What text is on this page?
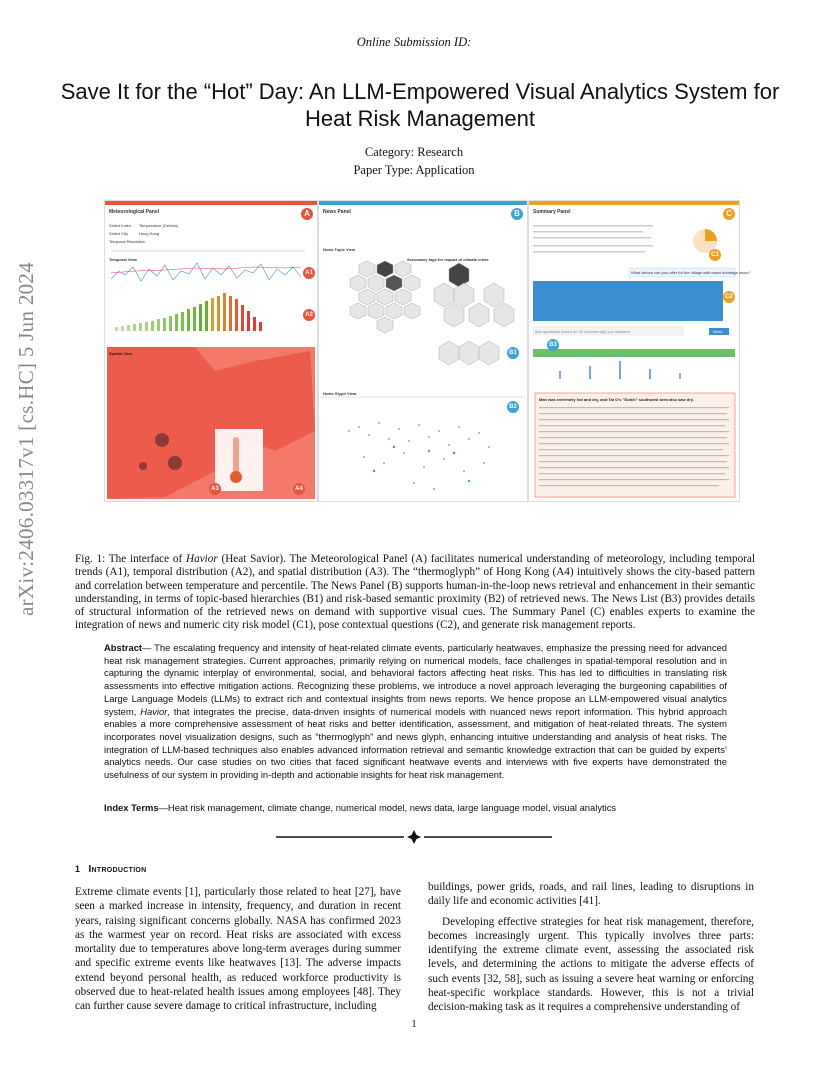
Online Submission ID:
Save It for the “Hot” Day: An LLM-Empowered Visual Analytics System for Heat Risk Management
Category: Research
Paper Type: Application
arXiv:2406.03317v1 [cs.HC] 5 Jun 2024
Meteorological Panel	A
Select Index Temperature (Celsius)
Select City	Hong Kong
Temporal Resolution
Temporal View
A1
A2
A3	A4
Spatial View
News Panel	B
News Topic View
Secondary tags for impact of climate crisis
B1
News Glyph View
B2
Summary Panel	C
C1
What advice can you offer for the village with water shortage issue?
C2
Ask questions based on 30 document(s) you selected	Send
B3
Man was extremely hot and dry, and Tai O's "Dutch" southwest area also saw dry.
Fig. 1: The interface of Havior (Heat Savior). The Meteorological Panel (A) facilitates numerical understanding of meteorology, including temporal trends (A1), temporal distribution (A2), and spatial distribution (A3). The “thermoglyph” of Hong Kong (A4) intuitively shows the city-based pattern and correlation between temperature and percentile. The News Panel (B) supports human-in-the-loop news retrieval and enhancement in their semantic understanding, in terms of topic-based hierarchies (B1) and risk-based semantic proximity (B2) of retrieved news. The News List (B3) provides details of structural information of the retrieved news on demand with supportive visual cues. The Summary Panel (C) enables experts to examine the integration of news and numeric city risk model (C1), pose contextual questions (C2), and generate risk management reports.
Abstract— The escalating frequency and intensity of heat-related climate events, particularly heatwaves, emphasize the pressing need for advanced heat risk management strategies. Current approaches, primarily relying on numerical models, face challenges in spatial-temporal resolution and in capturing the dynamic interplay of environmental, social, and behavioral factors affecting heat risks. This has led to difficulties in translating risk assessments into effective mitigation actions. Recognizing these problems, we introduce a novel approach leveraging the burgeoning capabilities of Large Language Models (LLMs) to extract rich and contextual insights from news reports. We hence propose an LLM-empowered visual analytics system, Havior, that integrates the precise, data-driven insights of numerical models with nuanced news report information. This hybrid approach enables a more comprehensive assessment of heat risks and better identification, assessment, and mitigation of heat-related threats. The system incorporates novel visualization designs, such as “thermoglyph” and news glyph, enhancing intuitive understanding and analysis of heat risks. The integration of LLM-based techniques also enables advanced information retrieval and semantic knowledge extraction that can be guided by experts’ analytics needs. Our case studies on two cities that faced significant heatwave events and interviews with five experts have demonstrated the usefulness of our system in providing in-depth and actionable insights for heat risk management.
Index Terms—Heat risk management, climate change, numerical model, news data, large language model, visual analytics
1 Introduction
Extreme climate events [1], particularly those related to heat [27], have seen a marked increase in intensity, frequency, and duration in recent years, raising significant concerns globally. NASA has confirmed 2023 as the warmest year on record. Heat risks are associated with excess mortality due to temperatures above long-term averages during summer and specific extreme events like heatwaves [13]. The adverse impacts extend beyond personal health, as reduced workforce productivity is observed due to heat-related health issues among employees [48]. They can further cause severe damage to critical infrastructure, including

buildings, power grids, roads, and rail lines, leading to disruptions in daily life and economic activities [41].

Developing effective strategies for heat risk management, therefore, becomes increasingly urgent. This typically involves three parts: identifying the extreme climate event, assessing the associated risk levels, and determining the actions to mitigate the adverse effects of such events [32, 58], such as issuing a severe heat warning or enforcing heat-specific workplace standards. However, this is not a trivial decision-making task as it requires a comprehensive understanding of

1
